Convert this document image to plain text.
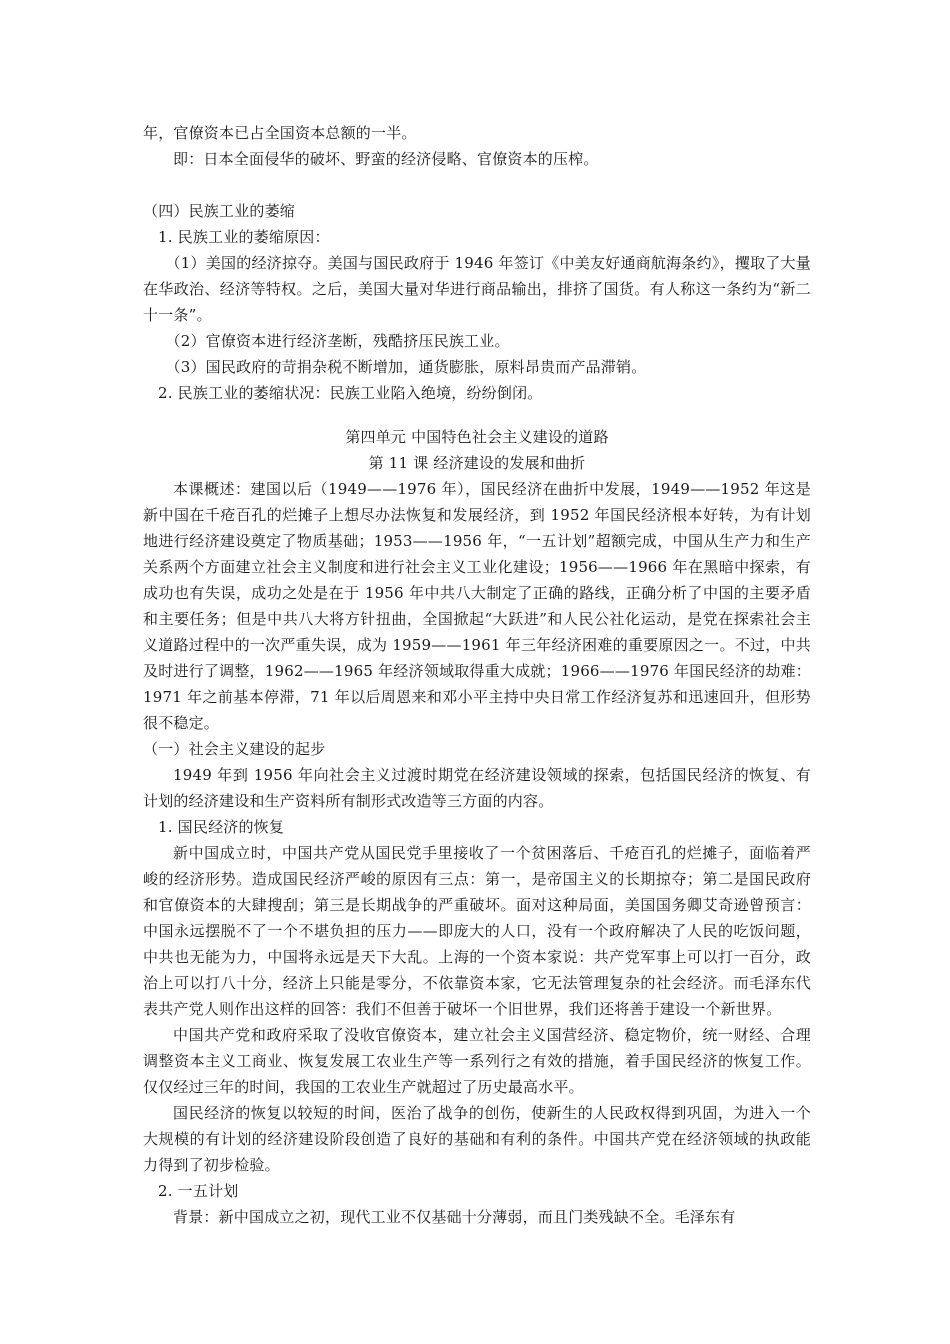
年，官僚资本已占全国资本总额的一半。

即：日本全面侵华的破坏、野蛮的经济侵略、官僚资本的压榨。

（四）民族工业的萎缩

1. 民族工业的萎缩原因：

（1）美国的经济掠夺。美国与国民政府于 1946 年签订《中美友好通商航海条约》，攫取了大量在华政治、经济等特权。之后，美国大量对华进行商品输出，排挤了国货。有人称这一条约为“新二十一条”。

（2）官僚资本进行经济垄断，残酷挤压民族工业。

（3）国民政府的苛捐杂税不断增加，通货膨胀，原料昂贵而产品滞销。

2. 民族工业的萎缩状况：民族工业陷入绝境，纷纷倒闭。

第四单元 中国特色社会主义建设的道路

第 11 课 经济建设的发展和曲折

本课概述：建国以后（1949——1976 年），国民经济在曲折中发展，1949——1952 年这是新中国在千疮百孔的烂摊子上想尽办法恢复和发展经济，到 1952 年国民经济根本好转，为有计划地进行经济建设奠定了物质基础；1953——1956 年，“一五计划”超额完成，中国从生产力和生产关系两个方面建立社会主义制度和进行社会主义工业化建设；1956——1966 年在黑暗中探索，有成功也有失误，成功之处是在于 1956 年中共八大制定了正确的路线，正确分析了中国的主要矛盾和主要任务；但是中共八大将方针扭曲，全国掀起“大跃进”和人民公社化运动，是党在探索社会主义道路过程中的一次严重失误，成为 1959——1961 年三年经济困难的重要原因之一。不过，中共及时进行了调整，1962——1965 年经济领域取得重大成就；1966——1976 年国民经济的劫难：1971 年之前基本停滞，71 年以后周恩来和邓小平主持中央日常工作经济复苏和迅速回升，但形势很不稳定。

（一）社会主义建设的起步

1949 年到 1956 年向社会主义过渡时期党在经济建设领域的探索，包括国民经济的恢复、有计划的经济建设和生产资料所有制形式改造等三方面的内容。

1. 国民经济的恢复

新中国成立时，中国共产党从国民党手里接收了一个贫困落后、千疮百孔的烂摊子，面临着严峻的经济形势。造成国民经济严峻的原因有三点：第一，是帝国主义的长期掠夺；第二是国民政府和官僚资本的大肆搜刮；第三是长期战争的严重破坏。面对这种局面，美国国务卿艾奇逊曾预言：中国永远摆脱不了一个不堪负担的压力——即庞大的人口，没有一个政府解决了人民的吃饭问题，中共也无能为力，中国将永远是天下大乱。上海的一个资本家说：共产党军事上可以打一百分，政治上可以打八十分，经济上只能是零分，不依靠资本家，它无法管理复杂的社会经济。而毛泽东代表共产党人则作出这样的回答：我们不但善于破坏一个旧世界，我们还将善于建设一个新世界。

中国共产党和政府采取了没收官僚资本，建立社会主义国营经济、稳定物价，统一财经、合理调整资本主义工商业、恢复发展工农业生产等一系列行之有效的措施，着手国民经济的恢复工作。仅仅经过三年的时间，我国的工农业生产就超过了历史最高水平。

国民经济的恢复以较短的时间，医治了战争的创伤，使新生的人民政权得到巩固，为进入一个大规模的有计划的经济建设阶段创造了良好的基础和有利的条件。中国共产党在经济领域的执政能力得到了初步检验。

2. 一五计划

背景：新中国成立之初，现代工业不仅基础十分薄弱，而且门类残缺不全。毛泽东有
